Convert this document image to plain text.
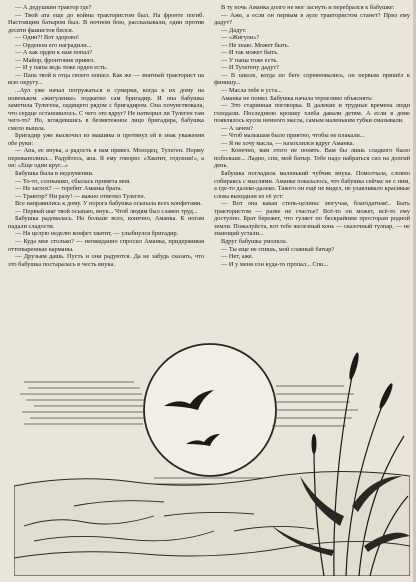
— А дедушкин трактор где?

— Твой ата еще до войны трактористом был. На фронте погиб. Настоящим батыром был. В ночном бою, рассказывали, один против десяти фашистов бился.

— Один?! Вот здорово!

— Орденом его наградили...

— А как орден к нам попал?

— Майор, фронтовик привез.

— И у папы ведь тоже орден есть.

— Папа твой в отца своего пошел. Как же — знатный тракторист на всю округу...

...Аул уже начал погружаться в сумерки, когда к их дому на новеньком «жигуленке» подкатил сам бригадир. И она бабушка заметила Тулегена, сидящего рядом с бригадиром. Она почувствовала, что сердце остановилось. С чего это вдруг? Не натворил ли Тулеген там чего-то? Но, вглядевшись в безмятежное лицо бригадира, бабушка смело вышла.

Бригадир уже выскочил из машины и протянул ей в знак уважения обе руки:

— Апа, ее внука, а радость я вам привез. Молодец, Тулеген. Норму перевыполнил... Радуйтесь, апа. Я ему говорю: «Хватит, отдохни!», а он: «Еще один круг...»

Бабушка была в недоумении.

— То-то, солнышко, сбылась примета моя.

— Не заглох? — теребит Аманка брата.

— Трактор? Ни разу! — важно ответил Тулеген.

Все направились к дому. У порога бабушка осыпала всех конфетами.

— Первый шаг твой осыпаю, внук... Чтоб людям был славен труд...

Бабушка радовалась. Но больше всех, конечно, Аманка. К ногам падали сладости.

— На целую неделю конфет хватит, — улыбнулся бригадир.

— Куда мне столько? — неожиданно спросил Аманка, придерживая оттопыренные карманы.

— Друзьям дашь. Пусть и они радуются. Да не забудь сказать, что это бабушка постаралась в честь внука.

В ту ночь Аманка долго не мог заснуть и перебрался к бабушке:

— Аже, а если он первым в ауле трактористом станет? Приз ему дадут?

— Дадут.

— «Жигули»?

— Не знаю. Может быть.

— И так может быть.

— У папы тоже есть.

— И Тулегену дадут?

— В школе, когда по беге соревновались, он первым пришёл к финишу...

— Масла тебе в уста...

Аманка не понял. Бабушка начала терпеливо объяснять:

— Это старинная поговорка. В далекие и трудные времена люди голодали. Последнюю крошку хлеба давали детям. А если в доме появлялось кусок немного масла, самым маленьким губки смазывали.

— А зачем?

— Чтоб малышам было приятно, чтобы не плакали...

— Я не хочу масла, — нахохлился вдруг Аманка.

— Конечно, вам этого не понять. Вам бы лишь сладкого было побольше... Ладно, спи, мой батыр. Тебе надо набраться сил на долгий день.

Бабушка погладила маленький чубчик внука. Помолчала, словно собираясь с мыслями. Аманке показалось, что бабушка сейчас не с ним, а где-то далеко-далеко. Такого он ещё не видел, не улавливало красивые слова выходили из её уст:

— Вот она какая степь-целина: могучая, благодатная!.. Быть трактористом — разве не счастье? Всё-то он может, всё-то ему доступно. Брат бережет, что гуляет по бескрайним просторам родной земли. Пожалуйста, вот тебе железный конь — сказочный тулпар, — не знающий устали...

Вдруг бабушка умолкла.

— Ты еще не спишь, мой славный батыр?

— Нет, аже.

— И у меня сон куда-то пропал... Спи...
